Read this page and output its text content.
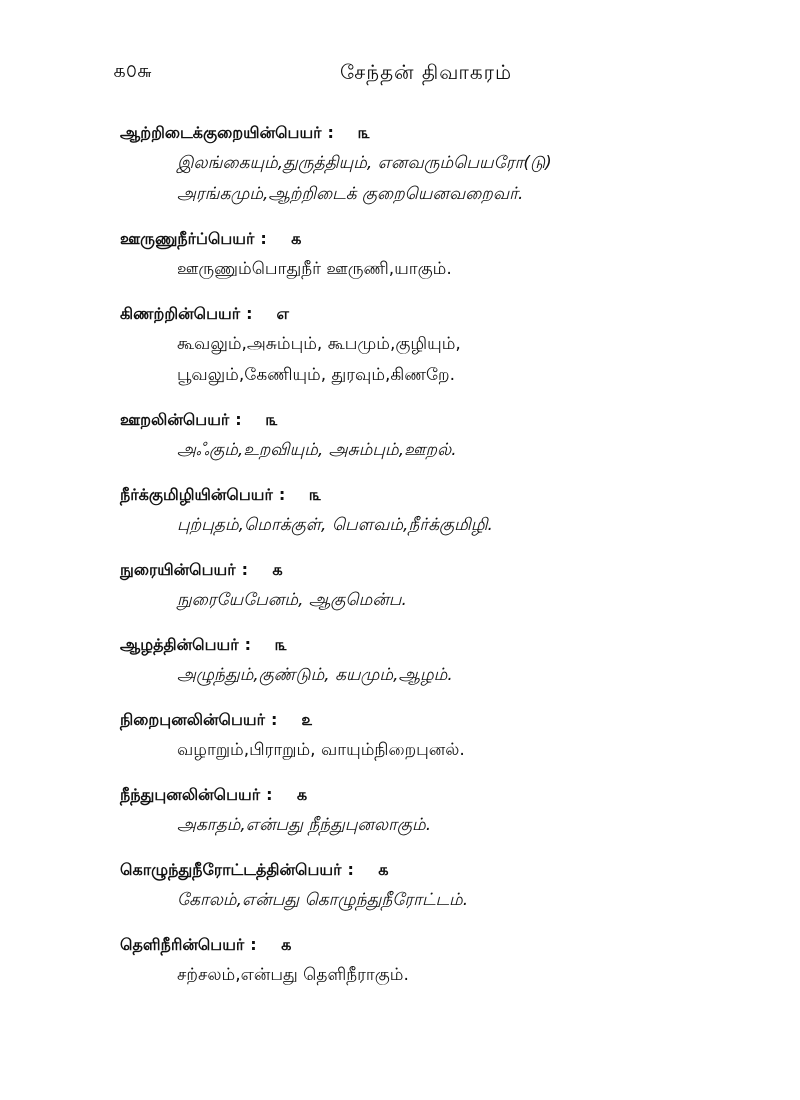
௧௦௬	சேந்தன் திவாகரம்
ஆற்றிடைக்குறையின்பெயர் : ௩
இலங்கையும்,துருத்தியும், எனவரும்பெயரோ(டு)
அரங்கமும்,ஆற்றிடைக் குறையெனவறைவர்.
ஊருணுநீர்ப்பெயர் : ௧
ஊருணும்பொதுநீர் ஊருணி,யாகும்.
கிணற்றின்பெயர் : எ
கூவலும்,அசும்பும், கூபமும்,குழியும்,
பூவலும்,கேணியும், துரவும்,கிணறே.
ஊறலின்பெயர் : ௩
அஃகும்,உறவியும், அசும்பும்,ஊறல்.
நீர்க்குமிழியின்பெயர் : ௩
புற்புதம்,மொக்குள், பௌவம்,நீர்க்குமிழி.
நுரையின்பெயர் : ௧
நுரையேபேனம், ஆகுமென்ப.
ஆழத்தின்பெயர் : ௩
அழுந்தும்,குண்டும், கயமும்,ஆழம்.
நிறைபுனலின்பெயர் : ௨
வழாறும்,பிராறும், வாயும்நிறைபுனல்.
நீந்துபுனலின்பெயர் : ௧
அகாதம்,என்பது நீந்துபுனலாகும்.
கொழுந்துநீரோட்டத்தின்பெயர் : ௧
கோலம்,என்பது கொழுந்துநீரோட்டம்.
தெளிநீரின்பெயர் : ௧
சற்சலம்,என்பது தெளிநீராகும்.
